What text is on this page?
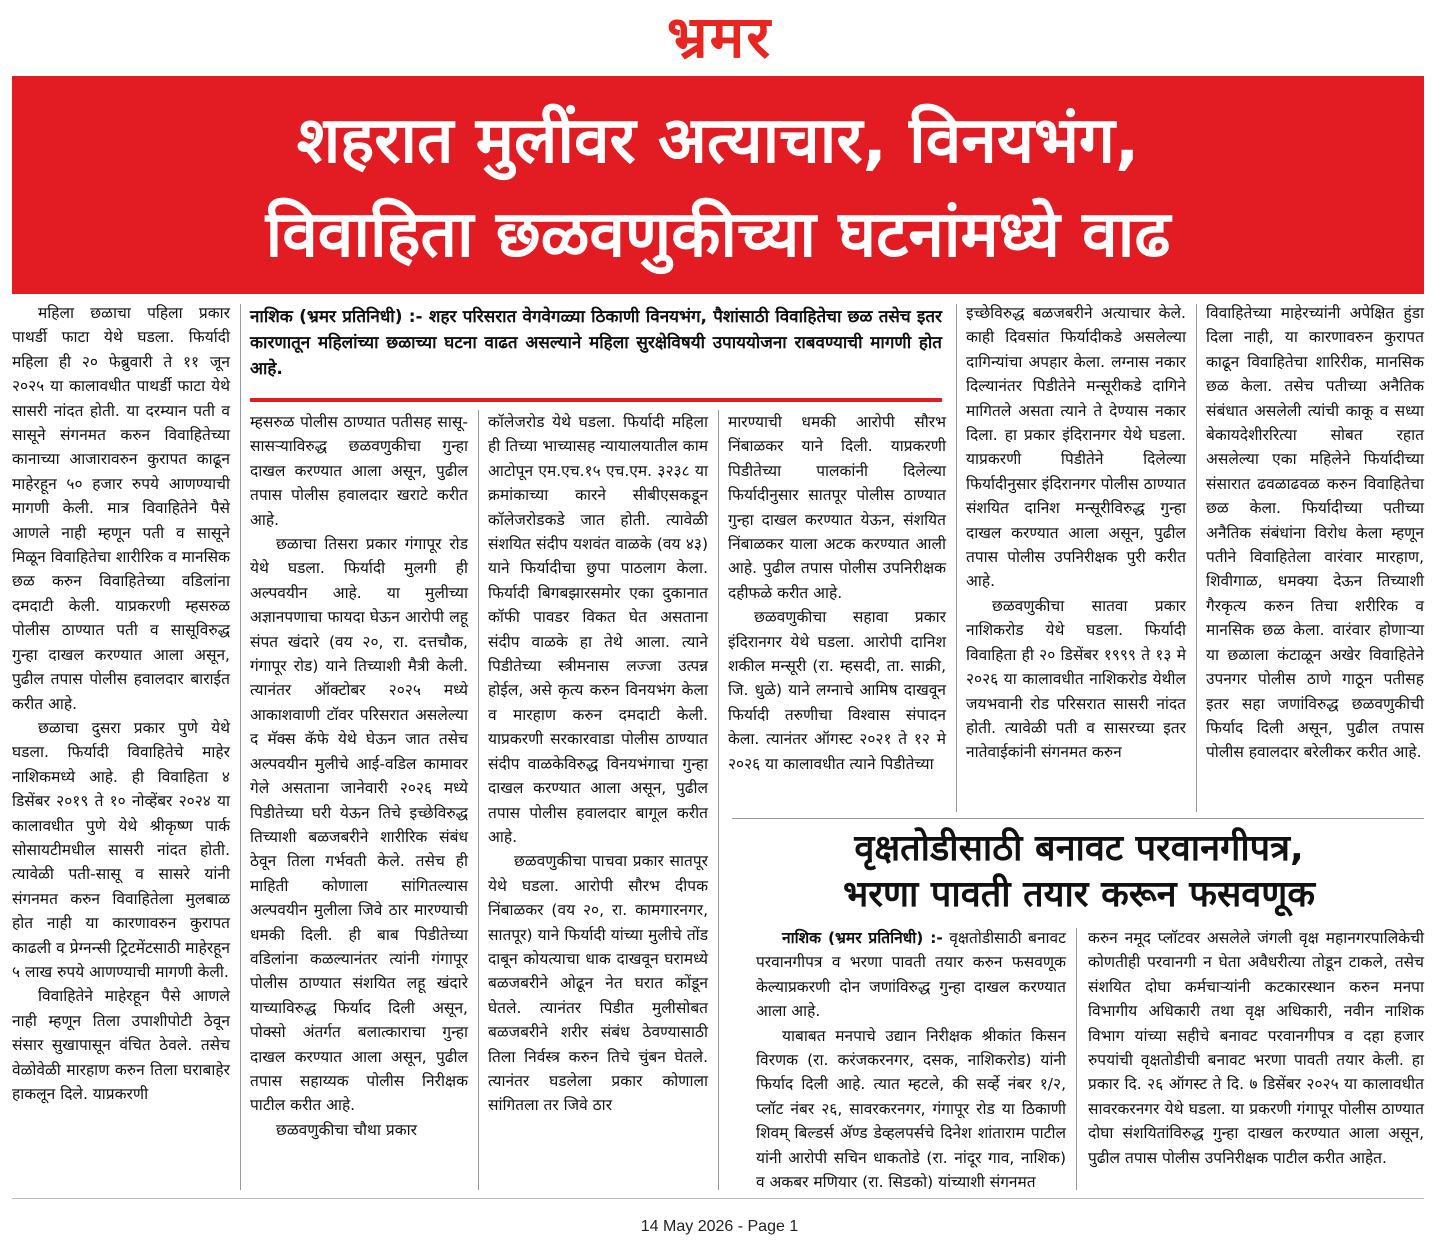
भ्रमर
शहरात मुलींवर अत्याचार, विनयभंग,
विवाहिता छळवणुकीच्या घटनांमध्ये वाढ

महिला छळाचा पहिला प्रकार पाथर्डी फाटा येथे घडला. फिर्यादी महिला ही २० फेब्रुवारी ते ११ जून २०२५ या कालावधीत पाथर्डी फाटा येथे सासरी नांदत होती. या दरम्यान पती व सासूने संगनमत करुन विवाहितेच्या कानाच्या आजारावरुन कुरापत काढून माहेरहून ५० हजार रुपये आणण्याची मागणी केली. मात्र विवाहितेने पैसे आणले नाही म्हणून पती व सासूने मिळून विवाहितेचा शारीरिक व मानसिक छळ करुन विवाहितेच्या वडिलांना दमदाटी केली. याप्रकरणी म्हसरुळ पोलीस ठाण्यात पती व सासूविरुद्ध गुन्हा दाखल करण्यात आला असून, पुढील तपास पोलीस हवालदार बाराईत करीत आहे.

छळाचा दुसरा प्रकार पुणे येथे घडला. फिर्यादी विवाहितेचे माहेर नाशिकमध्ये आहे. ही विवाहिता ४ डिसेंबर २०१९ ते १० नोव्हेंबर २०२४ या कालावधीत पुणे येथे श्रीकृष्ण पार्क सोसायटीमधील सासरी नांदत होती. त्यावेळी पती-सासू व सासरे यांनी संगनमत करुन विवाहितेला मुलबाळ होत नाही या कारणावरुन कुरापत काढली व प्रेग्नन्सी ट्रिटमेंटसाठी माहेरहून ५ लाख रुपये आणण्याची मागणी केली.

विवाहितेने माहेरहून पैसे आणले नाही म्हणून तिला उपाशीपोटी ठेवून संसार सुखापासून वंचित ठेवले. तसेच वेळोवेळी मारहाण करुन तिला घराबाहेर हाकलून दिले. याप्रकरणी

नाशिक (भ्रमर प्रतिनिधी) :- शहर परिसरात वेगवेगळ्या ठिकाणी विनयभंग, पैशांसाठी विवाहितेचा छळ तसेच इतर कारणातून महिलांच्या छळाच्या घटना वाढत असल्याने महिला सुरक्षेविषयी उपाययोजना राबवण्याची मागणी होत आहे.

म्हसरुळ पोलीस ठाण्यात पतीसह सासू-सासऱ्याविरुद्ध छळवणुकीचा गुन्हा दाखल करण्यात आला असून, पुढील तपास पोलीस हवालदार खराटे करीत आहे.

छळाचा तिसरा प्रकार गंगापूर रोड येथे घडला. फिर्यादी मुलगी ही अल्पवयीन आहे. या मुलीच्या अज्ञानपणाचा फायदा घेऊन आरोपी लहू संपत खंदारे (वय २०, रा. दत्तचौक, गंगापूर रोड) याने तिच्याशी मैत्री केली. त्यानंतर ऑक्टोबर २०२५ मध्ये आकाशवाणी टॉवर परिसरात असलेल्या द मॅक्स कॅफे येथे घेऊन जात तसेच अल्पवयीन मुलीचे आई-वडिल कामावर गेले असताना जानेवारी २०२६ मध्ये पिडीतेच्या घरी येऊन तिचे इच्छेविरुद्ध तिच्याशी बळजबरीने शारीरिक संबंध ठेवून तिला गर्भवती केले. तसेच ही माहिती कोणाला सांगितल्यास अल्पवयीन मुलीला जिवे ठार मारण्याची धमकी दिली. ही बाब पिडीतेच्या वडिलांना कळल्यानंतर त्यांनी गंगापूर पोलीस ठाण्यात संशयित लहू खंदारे याच्याविरुद्ध फिर्याद दिली असून, पोक्सो अंतर्गत बलात्काराचा गुन्हा दाखल करण्यात आला असून, पुढील तपास सहाय्यक पोलीस निरीक्षक पाटील करीत आहे.

छळवणुकीचा चौथा प्रकार

कॉलेजरोड येथे घडला. फिर्यादी महिला ही तिच्या भाच्यासह न्यायालयातील काम आटोपून एम.एच.१५ एच.एम. ३२३८ या क्रमांकाच्या कारने सीबीएसकडून कॉलेजरोडकडे जात होती. त्यावेळी संशयित संदीप यशवंत वाळके (वय ४३) याने फिर्यादीचा छुपा पाठलाग केला. फिर्यादी बिगबझारसमोर एका दुकानात कॉफी पावडर विकत घेत असताना संदीप वाळके हा तेथे आला. त्याने पिडीतेच्या स्त्रीमनास लज्जा उत्पन्न होईल, असे कृत्य करुन विनयभंग केला व मारहाण करुन दमदाटी केली. याप्रकरणी सरकारवाडा पोलीस ठाण्यात संदीप वाळकेविरुद्ध विनयभंगाचा गुन्हा दाखल करण्यात आला असून, पुढील तपास पोलीस हवालदार बागूल करीत आहे.

छळवणुकीचा पाचवा प्रकार सातपूर येथे घडला. आरोपी सौरभ दीपक निंबाळकर (वय २०, रा. कामगारनगर, सातपूर) याने फिर्यादी यांच्या मुलीचे तोंड दाबून कोयत्याचा धाक दाखवून घरामध्ये बळजबरीने ओढून नेत घरात कोंडून घेतले. त्यानंतर पिडीत मुलीसोबत बळजबरीने शरीर संबंध ठेवण्यासाठी तिला निर्वस्त्र करुन तिचे चुंबन घेतले. त्यानंतर घडलेला प्रकार कोणाला सांगितला तर जिवे ठार

मारण्याची धमकी आरोपी सौरभ निंबाळकर याने दिली. याप्रकरणी पिडीतेच्या पालकांनी दिलेल्या फिर्यादीनुसार सातपूर पोलीस ठाण्यात गुन्हा दाखल करण्यात येऊन, संशयित निंबाळकर याला अटक करण्यात आली आहे. पुढील तपास पोलीस उपनिरीक्षक दहीफळे करीत आहे.

छळवणुकीचा सहावा प्रकार इंदिरानगर येथे घडला. आरोपी दानिश शकील मन्सूरी (रा. म्हसदी, ता. साक्री, जि. धुळे) याने लग्नाचे आमिष दाखवून फिर्यादी तरुणीचा विश्वास संपादन केला. त्यानंतर ऑगस्ट २०२१ ते १२ मे २०२६ या कालावधीत त्याने पिडीतेच्या

इच्छेविरुद्ध बळजबरीने अत्याचार केले. काही दिवसांत फिर्यादीकडे असलेल्या दागिन्यांचा अपहार केला. लग्नास नकार दिल्यानंतर पिडीतेने मन्सूरीकडे दागिने मागितले असता त्याने ते देण्यास नकार दिला. हा प्रकार इंदिरानगर येथे घडला. याप्रकरणी पिडीतेने दिलेल्या फिर्यादीनुसार इंदिरानगर पोलीस ठाण्यात संशयित दानिश मन्सूरीविरुद्ध गुन्हा दाखल करण्यात आला असून, पुढील तपास पोलीस उपनिरीक्षक पुरी करीत आहे.

छळवणुकीचा सातवा प्रकार नाशिकरोड येथे घडला. फिर्यादी विवाहिता ही २० डिसेंबर १९९९ ते १३ मे २०२६ या कालावधीत नाशिकरोड येथील जयभवानी रोड परिसरात सासरी नांदत होती. त्यावेळी पती व सासरच्या इतर नातेवाईकांनी संगनमत करुन

विवाहितेच्या माहेरच्यांनी अपेक्षित हुंडा दिला नाही, या कारणावरुन कुरापत काढून विवाहितेचा शारिरीक, मानसिक छळ केला. तसेच पतीच्या अनैतिक संबंधात असलेली त्यांची काकू व सध्या बेकायदेशीररित्या सोबत रहात असलेल्या एका महिलेने फिर्यादीच्या संसारात ढवळाढवळ करुन विवाहितेचा छळ केला. फिर्यादीच्या पतीच्या अनैतिक संबंधांना विरोध केला म्हणून पतीने विवाहितेला वारंवार मारहाण, शिवीगाळ, धमक्या देऊन तिच्याशी गैरकृत्य करुन तिचा शरीरिक व मानसिक छळ केला. वारंवार होणाऱ्या या छळाला कंटाळून अखेर विवाहितेने उपनगर पोलीस ठाणे गाठून पतीसह इतर सहा जणांविरुद्ध छळवणुकीची फिर्याद दिली असून, पुढील तपास पोलीस हवालदार बरेलीकर करीत आहे.

वृक्षतोडीसाठी बनावट परवानगीपत्र,
भरणा पावती तयार करून फसवणूक

नाशिक (भ्रमर प्रतिनिधी) :- वृक्षतोडीसाठी बनावट परवानगीपत्र व भरणा पावती तयार करुन फसवणूक केल्याप्रकरणी दोन जणांविरुद्ध गुन्हा दाखल करण्यात आला आहे.

याबाबत मनपाचे उद्यान निरीक्षक श्रीकांत किसन विरणक (रा. करंजकरनगर, दसक, नाशिकरोड) यांनी फिर्याद दिली आहे. त्यात म्हटले, की सर्व्हे नंबर १/२, प्लॉट नंबर २६, सावरकरनगर, गंगापूर रोड या ठिकाणी शिवम् बिल्डर्स अ‍ॅण्ड डेव्हलपर्सचे दिनेश शांताराम पाटील यांनी आरोपी सचिन धाकतोडे (रा. नांदूर गाव, नाशिक) व अकबर मणियार (रा. सिडको) यांच्याशी संगनमत

करुन नमूद प्लॉटवर असलेले जंगली वृक्ष महानगरपालिकेची कोणतीही परवानगी न घेता अवैधरीत्या तोडून टाकले, तसेच संशयित दोघा कर्मचाऱ्यांनी कटकारस्थान करुन मनपा विभागीय अधिकारी तथा वृक्ष अधिकारी, नवीन नाशिक विभाग यांच्या सहीचे बनावट परवानगीपत्र व दहा हजार रुपयांची वृक्षतोडीची बनावट भरणा पावती तयार केली. हा प्रकार दि. २६ ऑगस्ट ते दि. ७ डिसेंबर २०२५ या कालावधीत सावरकरनगर येथे घडला. या प्रकरणी गंगापूर पोलीस ठाण्यात दोघा संशयितांविरुद्ध गुन्हा दाखल करण्यात आला असून, पुढील तपास पोलीस उपनिरीक्षक पाटील करीत आहेत.

14 May 2026 - Page 1
